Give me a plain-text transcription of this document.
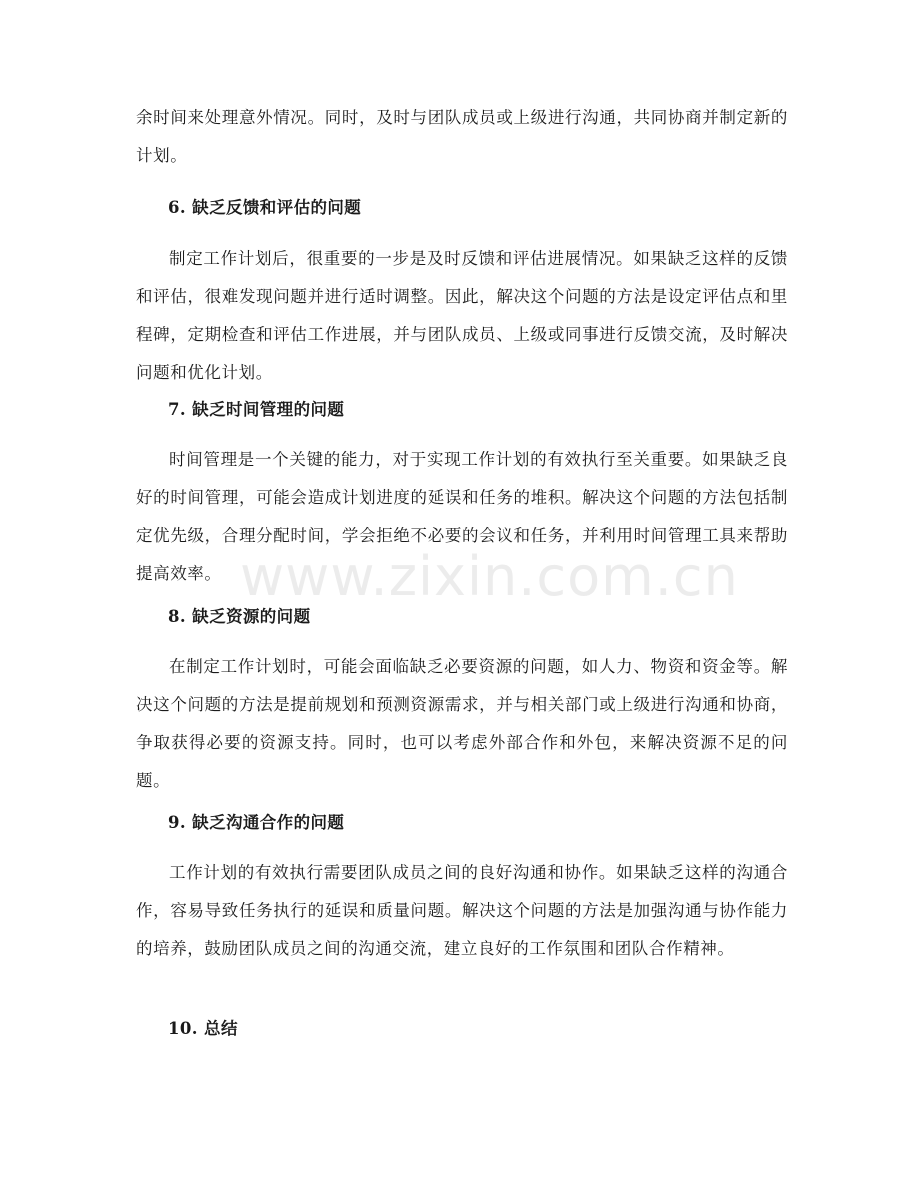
余时间来处理意外情况。同时，及时与团队成员或上级进行沟通，共同协商并制定新的计划。

6. 缺乏反馈和评估的问题

制定工作计划后，很重要的一步是及时反馈和评估进展情况。如果缺乏这样的反馈和评估，很难发现问题并进行适时调整。因此，解决这个问题的方法是设定评估点和里程碑，定期检查和评估工作进展，并与团队成员、上级或同事进行反馈交流，及时解决问题和优化计划。

7. 缺乏时间管理的问题

时间管理是一个关键的能力，对于实现工作计划的有效执行至关重要。如果缺乏良好的时间管理，可能会造成计划进度的延误和任务的堆积。解决这个问题的方法包括制定优先级，合理分配时间，学会拒绝不必要的会议和任务，并利用时间管理工具来帮助提高效率。

8. 缺乏资源的问题

在制定工作计划时，可能会面临缺乏必要资源的问题，如人力、物资和资金等。解决这个问题的方法是提前规划和预测资源需求，并与相关部门或上级进行沟通和协商，争取获得必要的资源支持。同时，也可以考虑外部合作和外包，来解决资源不足的问题。

9. 缺乏沟通合作的问题

工作计划的有效执行需要团队成员之间的良好沟通和协作。如果缺乏这样的沟通合作，容易导致任务执行的延误和质量问题。解决这个问题的方法是加强沟通与协作能力的培养，鼓励团队成员之间的沟通交流，建立良好的工作氛围和团队合作精神。

10. 总结
www.zixin.com.cn
